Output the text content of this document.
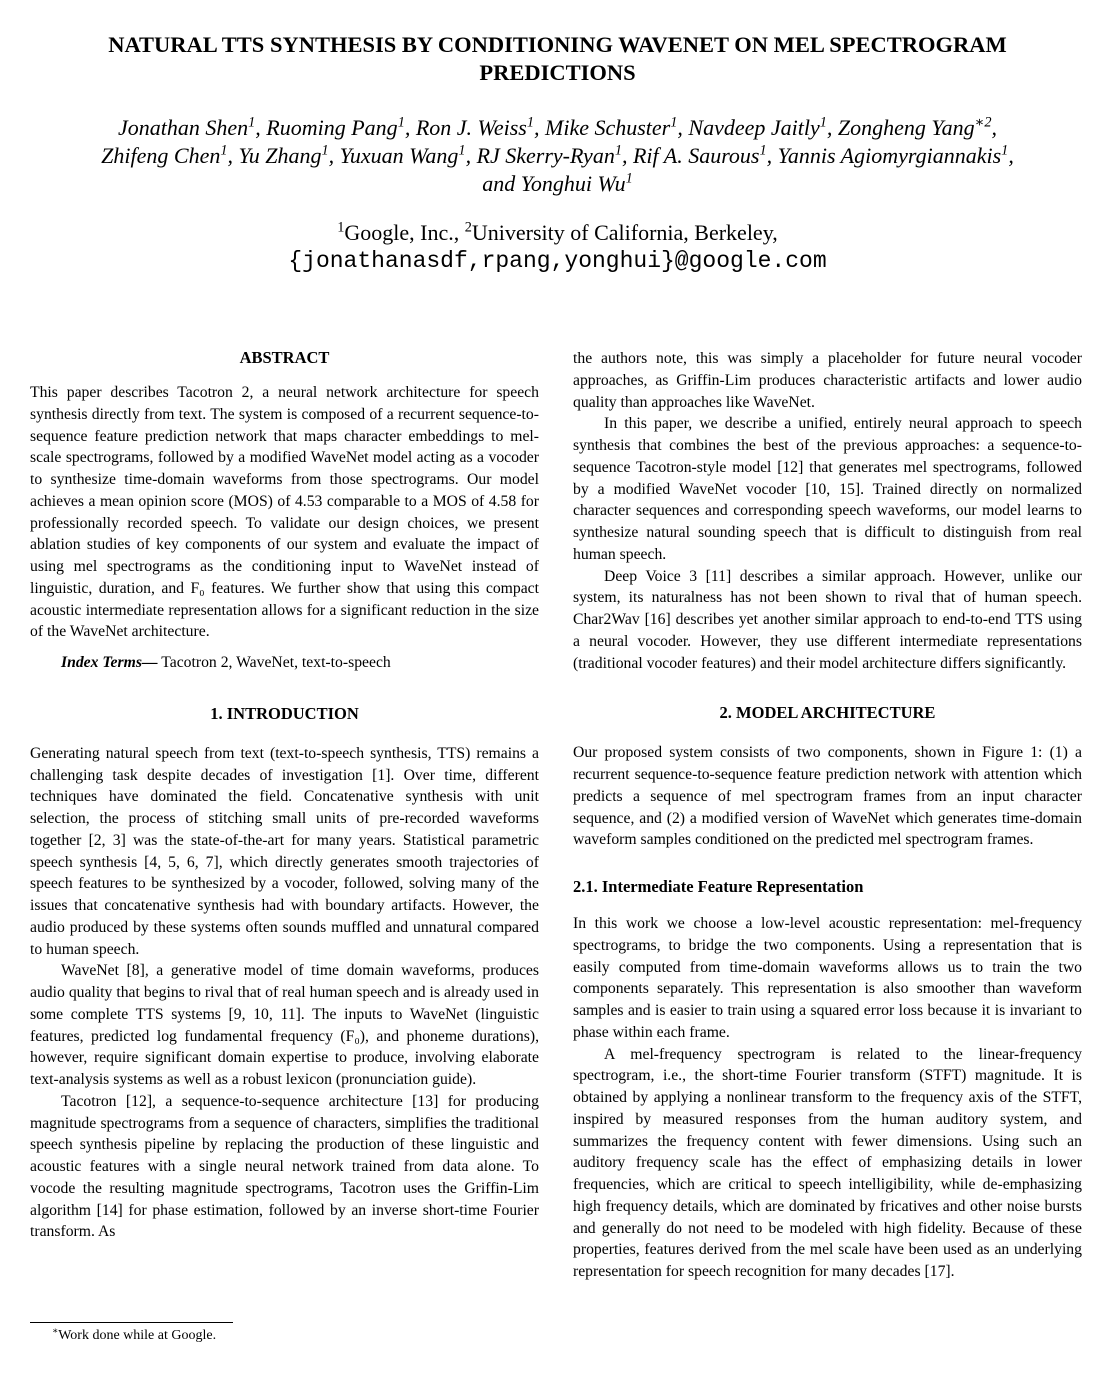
NATURAL TTS SYNTHESIS BY CONDITIONING WAVENET ON MEL SPECTROGRAM PREDICTIONS
Jonathan Shen$^1$, Ruoming Pang$^1$, Ron J. Weiss$^1$, Mike Schuster$^1$, Navdeep Jaitly$^1$, Zongheng Yang$^{∗2}$,
Zhifeng Chen$^1$, Yu Zhang$^1$, Yuxuan Wang$^1$, RJ Skerry-Ryan$^1$, Rif A. Saurous$^1$, Yannis Agiomyrgiannakis$^1$,
and Yonghui Wu$^1$
$^1$Google, Inc., $^2$University of California, Berkeley,
{jonathanasdf,rpang,yonghui}@google.com
ABSTRACT

This paper describes Tacotron 2, a neural network architecture for speech synthesis directly from text. The system is composed of a recurrent sequence-to-sequence feature prediction network that maps character embeddings to mel-scale spectrograms, followed by a modified WaveNet model acting as a vocoder to synthesize time-domain waveforms from those spectrograms. Our model achieves a mean opinion score (MOS) of 4.53 comparable to a MOS of 4.58 for professionally recorded speech. To validate our design choices, we present ablation studies of key components of our system and evaluate the impact of using mel spectrograms as the conditioning input to WaveNet instead of linguistic, duration, and F₀ features. We further show that using this compact acoustic intermediate representation allows for a significant reduction in the size of the WaveNet architecture.

Index Terms— Tacotron 2, WaveNet, text-to-speech

1. INTRODUCTION

Generating natural speech from text (text-to-speech synthesis, TTS) remains a challenging task despite decades of investigation [1]. Over time, different techniques have dominated the field. Concatenative synthesis with unit selection, the process of stitching small units of pre-recorded waveforms together [2, 3] was the state-of-the-art for many years. Statistical parametric speech synthesis [4, 5, 6, 7], which directly generates smooth trajectories of speech features to be synthesized by a vocoder, followed, solving many of the issues that concatenative synthesis had with boundary artifacts. However, the audio produced by these systems often sounds muffled and unnatural compared to human speech.

WaveNet [8], a generative model of time domain waveforms, produces audio quality that begins to rival that of real human speech and is already used in some complete TTS systems [9, 10, 11]. The inputs to WaveNet (linguistic features, predicted log fundamental frequency (F₀), and phoneme durations), however, require significant domain expertise to produce, involving elaborate text-analysis systems as well as a robust lexicon (pronunciation guide).

Tacotron [12], a sequence-to-sequence architecture [13] for producing magnitude spectrograms from a sequence of characters, simplifies the traditional speech synthesis pipeline by replacing the production of these linguistic and acoustic features with a single neural network trained from data alone. To vocode the resulting magnitude spectrograms, Tacotron uses the Griffin-Lim algorithm [14] for phase estimation, followed by an inverse short-time Fourier transform. As

the authors note, this was simply a placeholder for future neural vocoder approaches, as Griffin-Lim produces characteristic artifacts and lower audio quality than approaches like WaveNet.

In this paper, we describe a unified, entirely neural approach to speech synthesis that combines the best of the previous approaches: a sequence-to-sequence Tacotron-style model [12] that generates mel spectrograms, followed by a modified WaveNet vocoder [10, 15]. Trained directly on normalized character sequences and corresponding speech waveforms, our model learns to synthesize natural sounding speech that is difficult to distinguish from real human speech.

Deep Voice 3 [11] describes a similar approach. However, unlike our system, its naturalness has not been shown to rival that of human speech. Char2Wav [16] describes yet another similar approach to end-to-end TTS using a neural vocoder. However, they use different intermediate representations (traditional vocoder features) and their model architecture differs significantly.

2. MODEL ARCHITECTURE

Our proposed system consists of two components, shown in Figure 1: (1) a recurrent sequence-to-sequence feature prediction network with attention which predicts a sequence of mel spectrogram frames from an input character sequence, and (2) a modified version of WaveNet which generates time-domain waveform samples conditioned on the predicted mel spectrogram frames.

2.1. Intermediate Feature Representation

In this work we choose a low-level acoustic representation: mel-frequency spectrograms, to bridge the two components. Using a representation that is easily computed from time-domain waveforms allows us to train the two components separately. This representation is also smoother than waveform samples and is easier to train using a squared error loss because it is invariant to phase within each frame.

A mel-frequency spectrogram is related to the linear-frequency spectrogram, i.e., the short-time Fourier transform (STFT) magnitude. It is obtained by applying a nonlinear transform to the frequency axis of the STFT, inspired by measured responses from the human auditory system, and summarizes the frequency content with fewer dimensions. Using such an auditory frequency scale has the effect of emphasizing details in lower frequencies, which are critical to speech intelligibility, while de-emphasizing high frequency details, which are dominated by fricatives and other noise bursts and generally do not need to be modeled with high fidelity. Because of these properties, features derived from the mel scale have been used as an underlying representation for speech recognition for many decades [17].

∗Work done while at Google.
